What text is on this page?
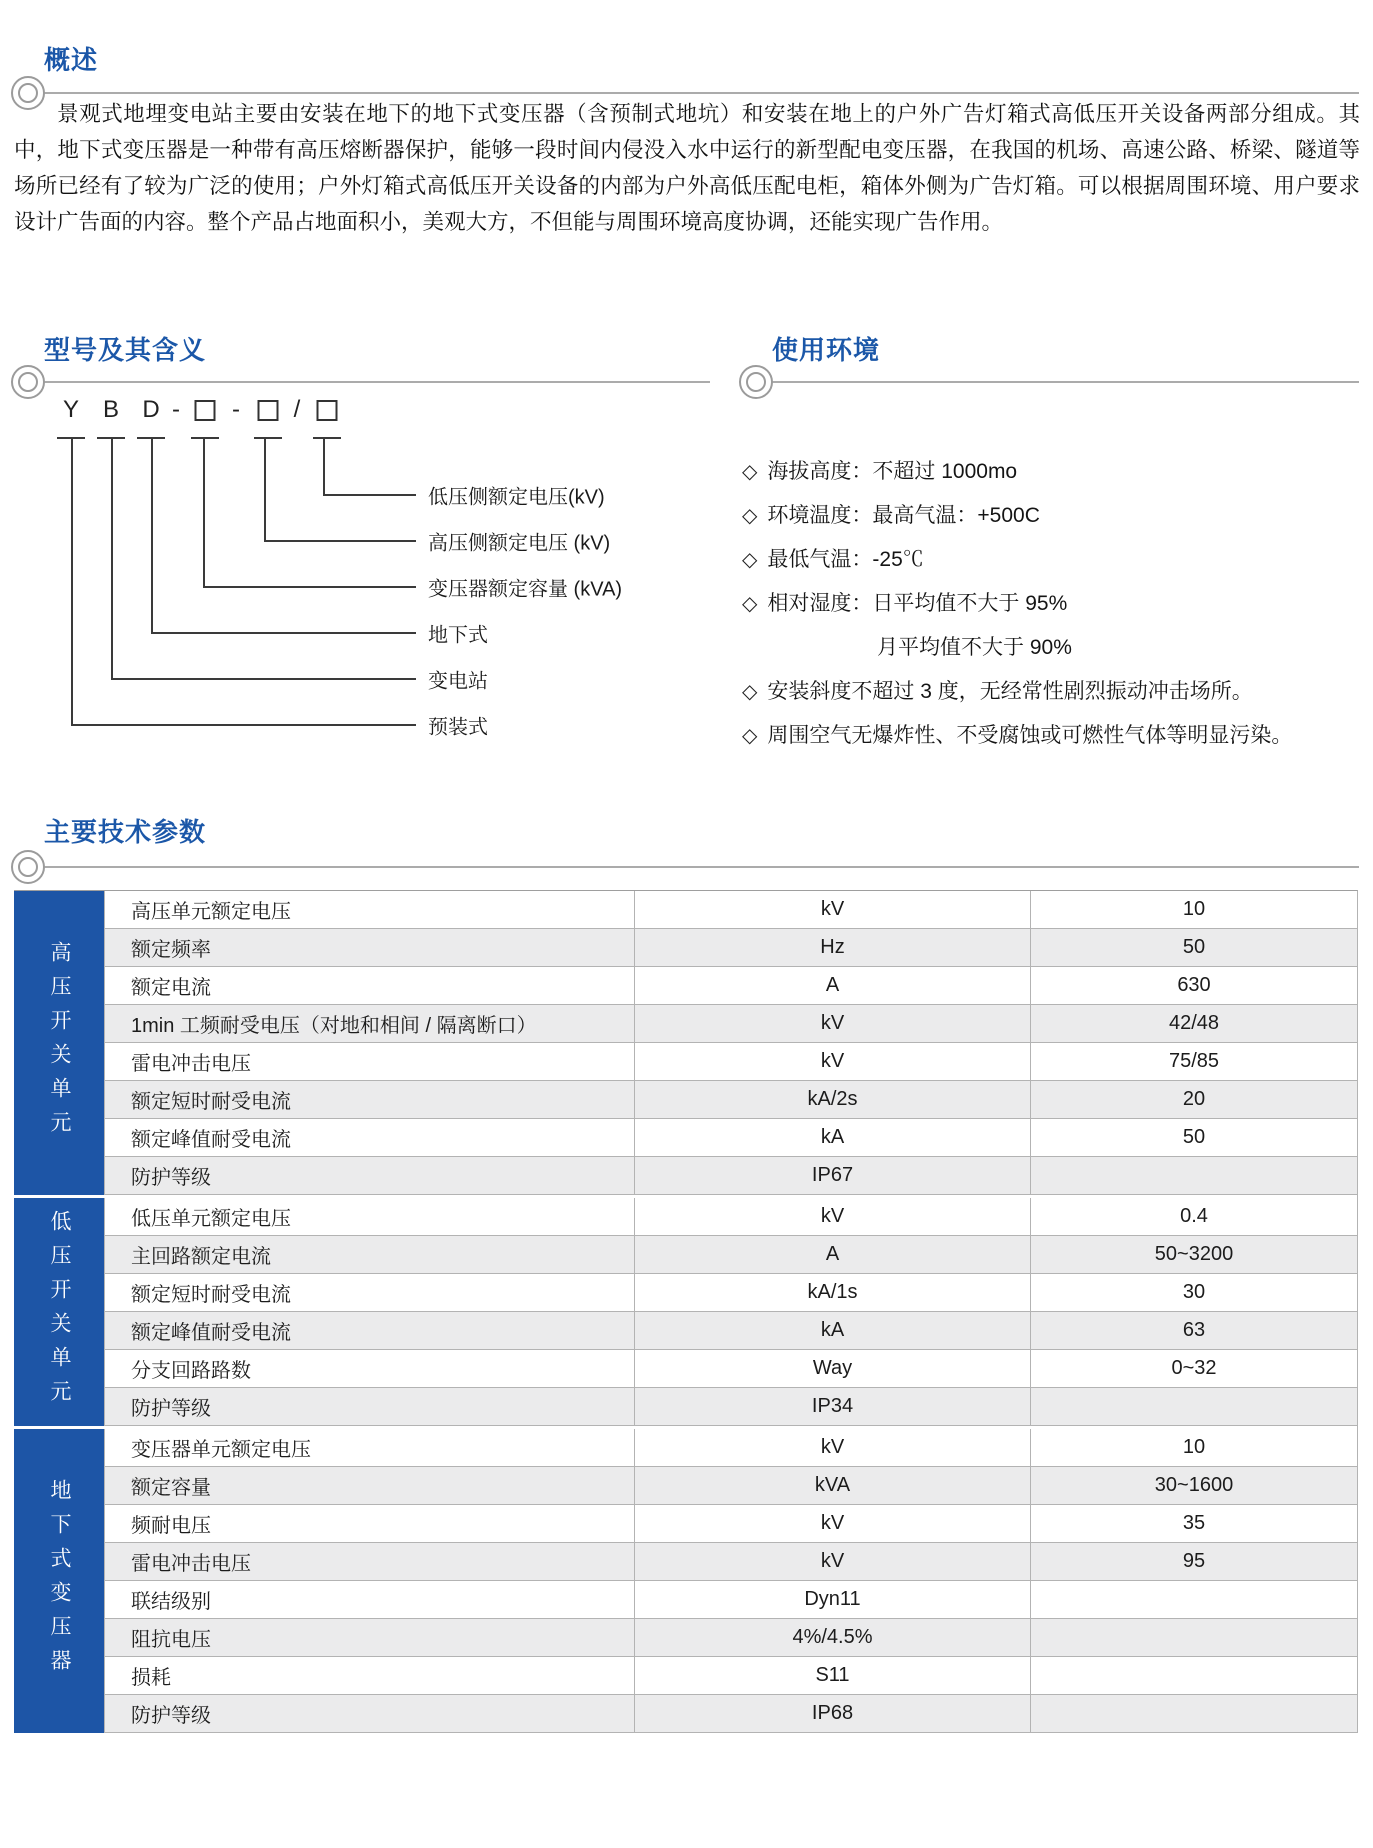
概述
景观式地埋变电站主要由安装在地下的地下式变压器（含预制式地坑）和安装在地上的户外广告灯箱式高低压开关设备两部分组成。其中，地下式变压器是一种带有高压熔断器保护，能够一段时间内侵没入水中运行的新型配电变压器，在我国的机场、高速公路、桥梁、隧道等场所已经有了较为广泛的使用；户外灯箱式高低压开关设备的内部为户外高低压配电柜，箱体外侧为广告灯箱。可以根据周围环境、用户要求设计广告面的内容。整个产品占地面积小，美观大方，不但能与周围环境高度协调，还能实现广告作用。
型号及其含义
Y B D - - /
低压侧额定电压(kV)
高压侧额定电压 (kV)
变压器额定容量 (kVA)
地下式
变电站
预装式
使用环境
◇ 海拔高度：不超过 1000mo
◇ 环境温度：最高气温：+500C
◇ 最低气温：-25℃
◇ 相对湿度：日平均值不大于 95%
月平均值不大于 90%
◇ 安装斜度不超过 3 度，无经常性剧烈振动冲击场所。
◇ 周围空气无爆炸性、不受腐蚀或可燃性气体等明显污染。
主要技术参数
高压开关单元
高压单元额定电压	kV	10
额定频率	Hz	50
额定电流	A	630
1min 工频耐受电压（对地和相间 / 隔离断口）	kV	42/48
雷电冲击电压	kV	75/85
额定短时耐受电流	kA/2s	20
额定峰值耐受电流	kA	50
防护等级	IP67
低压开关单元	低压单元额定电压	kV	0.4
主回路额定电流	A	50~3200
额定短时耐受电流	kA/1s	30
额定峰值耐受电流	kA	63
分支回路路数	Way	0~32
防护等级	IP34
地下式变压器
变压器单元额定电压	kV	10
额定容量	kVA	30~1600
频耐电压	kV	35
雷电冲击电压	kV	95
联结级别	Dyn11
阻抗电压	4%/4.5%
损耗	S11
防护等级	IP68
